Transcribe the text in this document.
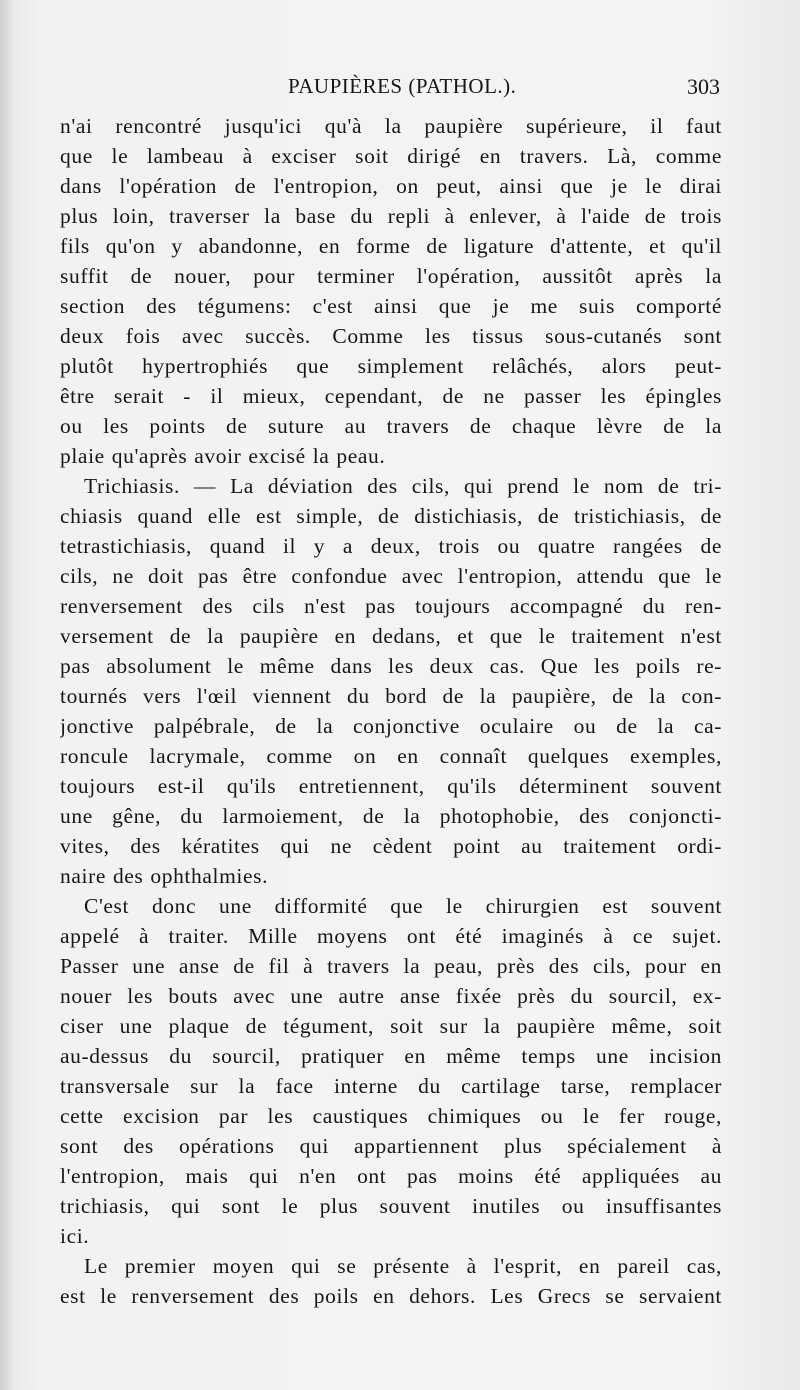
PAUPIÈRES (PATHOL.).	303
n'ai rencontré jusqu'ici qu'à la paupière supérieure, il faut
que le lambeau à exciser soit dirigé en travers. Là, comme
dans l'opération de l'entropion, on peut, ainsi que je le dirai
plus loin, traverser la base du repli à enlever, à l'aide de trois
fils qu'on y abandonne, en forme de ligature d'attente, et qu'il
suffit de nouer, pour terminer l'opération, aussitôt après la
section des tégumens: c'est ainsi que je me suis comporté
deux fois avec succès. Comme les tissus sous-cutanés sont
plutôt hypertrophiés que simplement relâchés, alors peut-
être serait - il mieux, cependant, de ne passer les épingles
ou les points de suture au travers de chaque lèvre de la
plaie qu'après avoir excisé la peau.
Trichiasis. — La déviation des cils, qui prend le nom de tri-
chiasis quand elle est simple, de distichiasis, de tristichiasis, de
tetrastichiasis, quand il y a deux, trois ou quatre rangées de
cils, ne doit pas être confondue avec l'entropion, attendu que le
renversement des cils n'est pas toujours accompagné du ren-
versement de la paupière en dedans, et que le traitement n'est
pas absolument le même dans les deux cas. Que les poils re-
tournés vers l'œil viennent du bord de la paupière, de la con-
jonctive palpébrale, de la conjonctive oculaire ou de la ca-
roncule lacrymale, comme on en connaît quelques exemples,
toujours est-il qu'ils entretiennent, qu'ils déterminent souvent
une gêne, du larmoiement, de la photophobie, des conjoncti-
vites, des kératites qui ne cèdent point au traitement ordi-
naire des ophthalmies.
C'est donc une difformité que le chirurgien est souvent
appelé à traiter. Mille moyens ont été imaginés à ce sujet.
Passer une anse de fil à travers la peau, près des cils, pour en
nouer les bouts avec une autre anse fixée près du sourcil, ex-
ciser une plaque de tégument, soit sur la paupière même, soit
au-dessus du sourcil, pratiquer en même temps une incision
transversale sur la face interne du cartilage tarse, remplacer
cette excision par les caustiques chimiques ou le fer rouge,
sont des opérations qui appartiennent plus spécialement à
l'entropion, mais qui n'en ont pas moins été appliquées au
trichiasis, qui sont le plus souvent inutiles ou insuffisantes
ici.
Le premier moyen qui se présente à l'esprit, en pareil cas,
est le renversement des poils en dehors. Les Grecs se servaient
